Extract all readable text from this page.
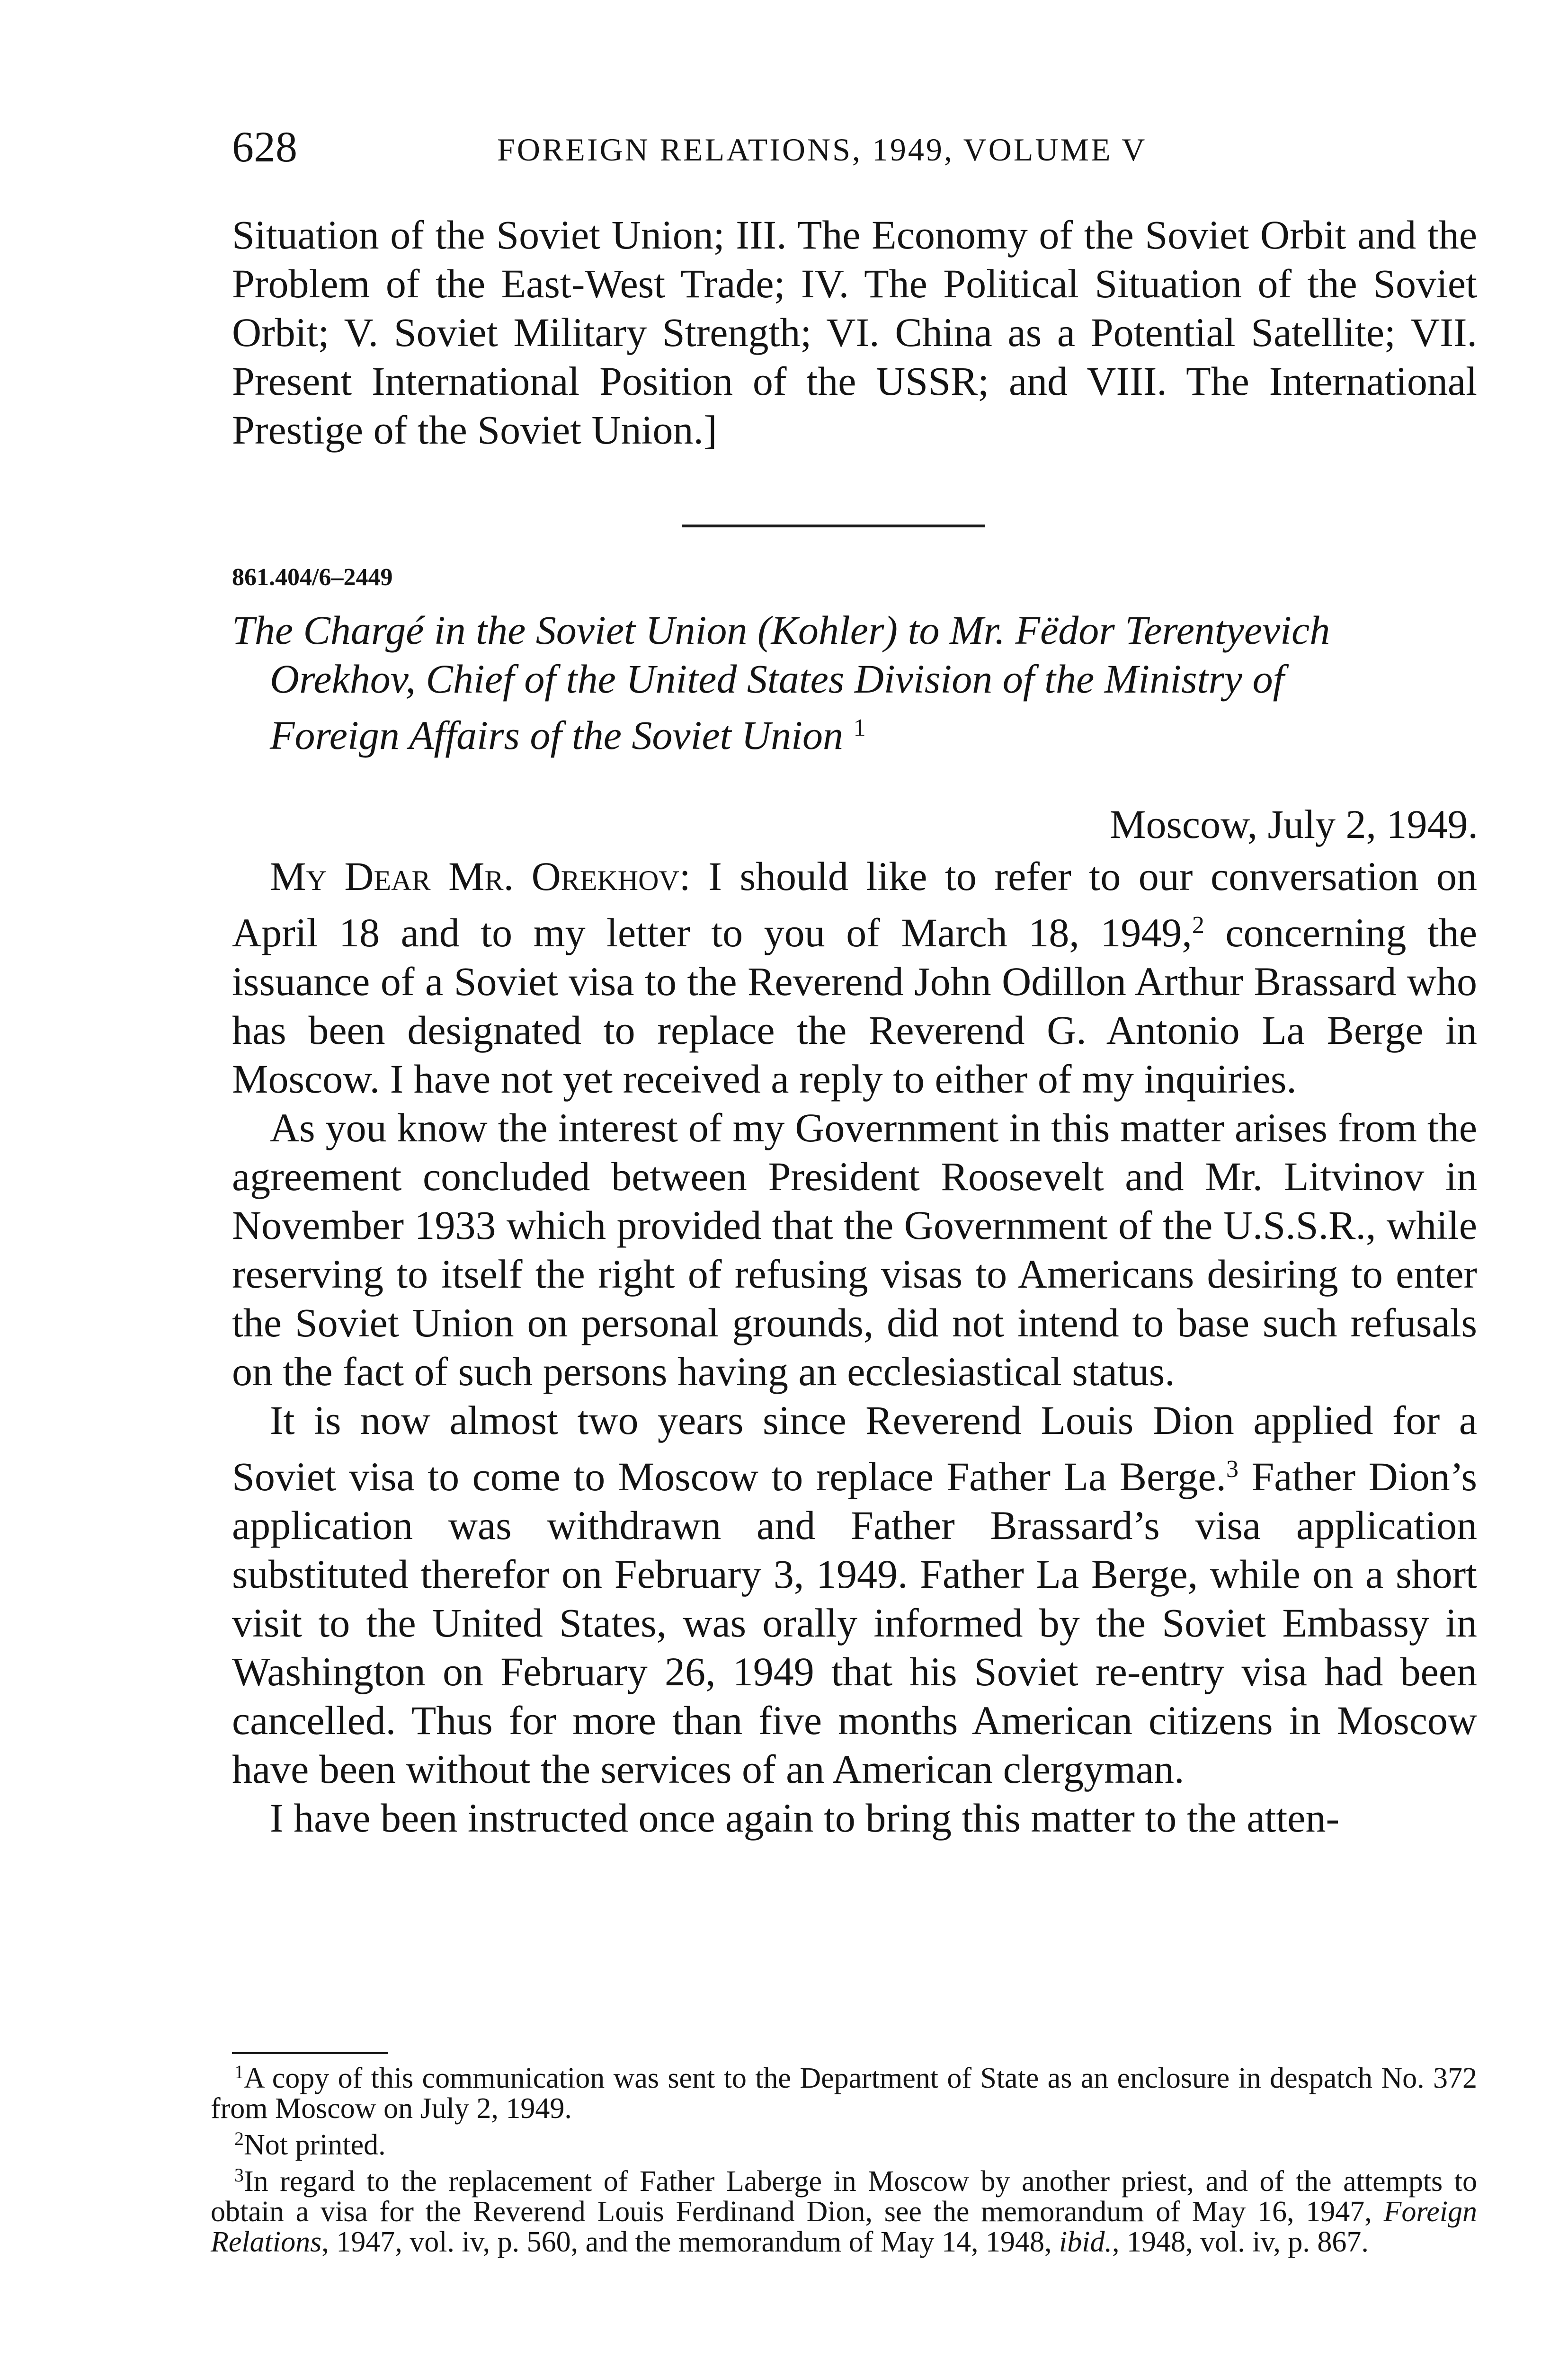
628	FOREIGN RELATIONS, 1949, VOLUME V

Situation of the Soviet Union; III. The Economy of the Soviet Orbit and the Problem of the East-West Trade; IV. The Political Situation of the Soviet Orbit; V. Soviet Military Strength; VI. China as a Potential Satellite; VII. Present International Position of the USSR; and VIII. The International Prestige of the Soviet Union.]

861.404/6–2449
The Chargé in the Soviet Union (Kohler) to Mr. Fëdor Terentyevich
Orekhov, Chief of the United States Division of the Ministry of
Foreign Affairs of the Soviet Union $^1$
Moscow, July 2, 1949.

My Dear Mr. Orekhov: I should like to refer to our conversation on April 18 and to my letter to you of March 18, 1949,$^2$ concerning the issuance of a Soviet visa to the Reverend John Odillon Arthur Brassard who has been designated to replace the Reverend G. Antonio La Berge in Moscow. I have not yet received a reply to either of my inquiries.

As you know the interest of my Government in this matter arises from the agreement concluded between President Roosevelt and Mr. Litvinov in November 1933 which provided that the Government of the U.S.S.R., while reserving to itself the right of refusing visas to Americans desiring to enter the Soviet Union on personal grounds, did not intend to base such refusals on the fact of such persons having an ecclesiastical status.

It is now almost two years since Reverend Louis Dion applied for a Soviet visa to come to Moscow to replace Father La Berge.$^3$ Father Dion’s application was withdrawn and Father Brassard’s visa application substituted therefor on February 3, 1949. Father La Berge, while on a short visit to the United States, was orally informed by the Soviet Embassy in Washington on February 26, 1949 that his Soviet re-entry visa had been cancelled. Thus for more than five months American citizens in Moscow have been without the services of an American clergyman.

I have been instructed once again to bring this matter to the atten-

$^1$A copy of this communication was sent to the Department of State as an enclosure in despatch No. 372 from Moscow on July 2, 1949.

$^2$Not printed.

$^3$In regard to the replacement of Father Laberge in Moscow by another priest, and of the attempts to obtain a visa for the Reverend Louis Ferdinand Dion, see the memorandum of May 16, 1947, Foreign Relations, 1947, vol. iv, p. 560, and the memorandum of May 14, 1948, ibid., 1948, vol. iv, p. 867.
